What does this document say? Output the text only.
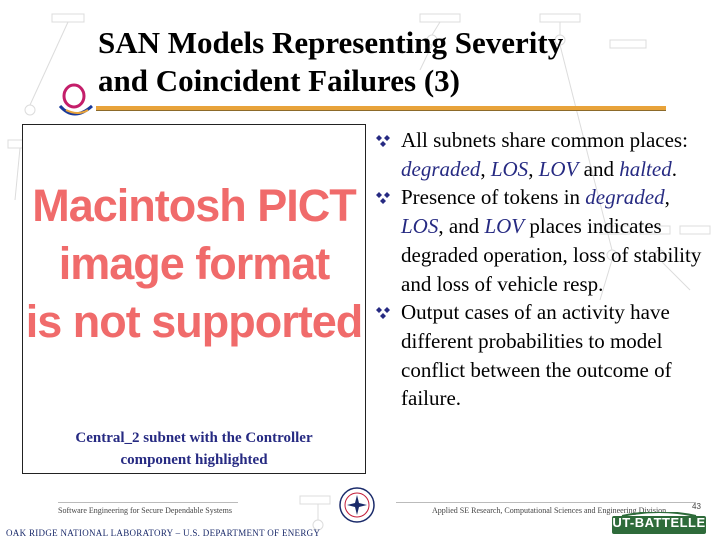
SAN Models Representing Severity
and Coincident Failures (3)
Macintosh PICT
image format
is not supported
Central_2 subnet with the Controller
component highlighted
All subnets share common places: degraded, LOS, LOV and halted.
Presence of tokens in degraded, LOS, and LOV places indicates degraded operation, loss of stability and loss of vehicle resp.
Output cases of an activity have different probabilities to model conflict between the outcome of failure.
Software Engineering for Secure Dependable Systems	Applied SE Research, Computational Sciences and Engineering Division	43
OAK RIDGE NATIONAL LABORATORY – U.S. DEPARTMENT OF ENERGY
UT-BATTELLE
